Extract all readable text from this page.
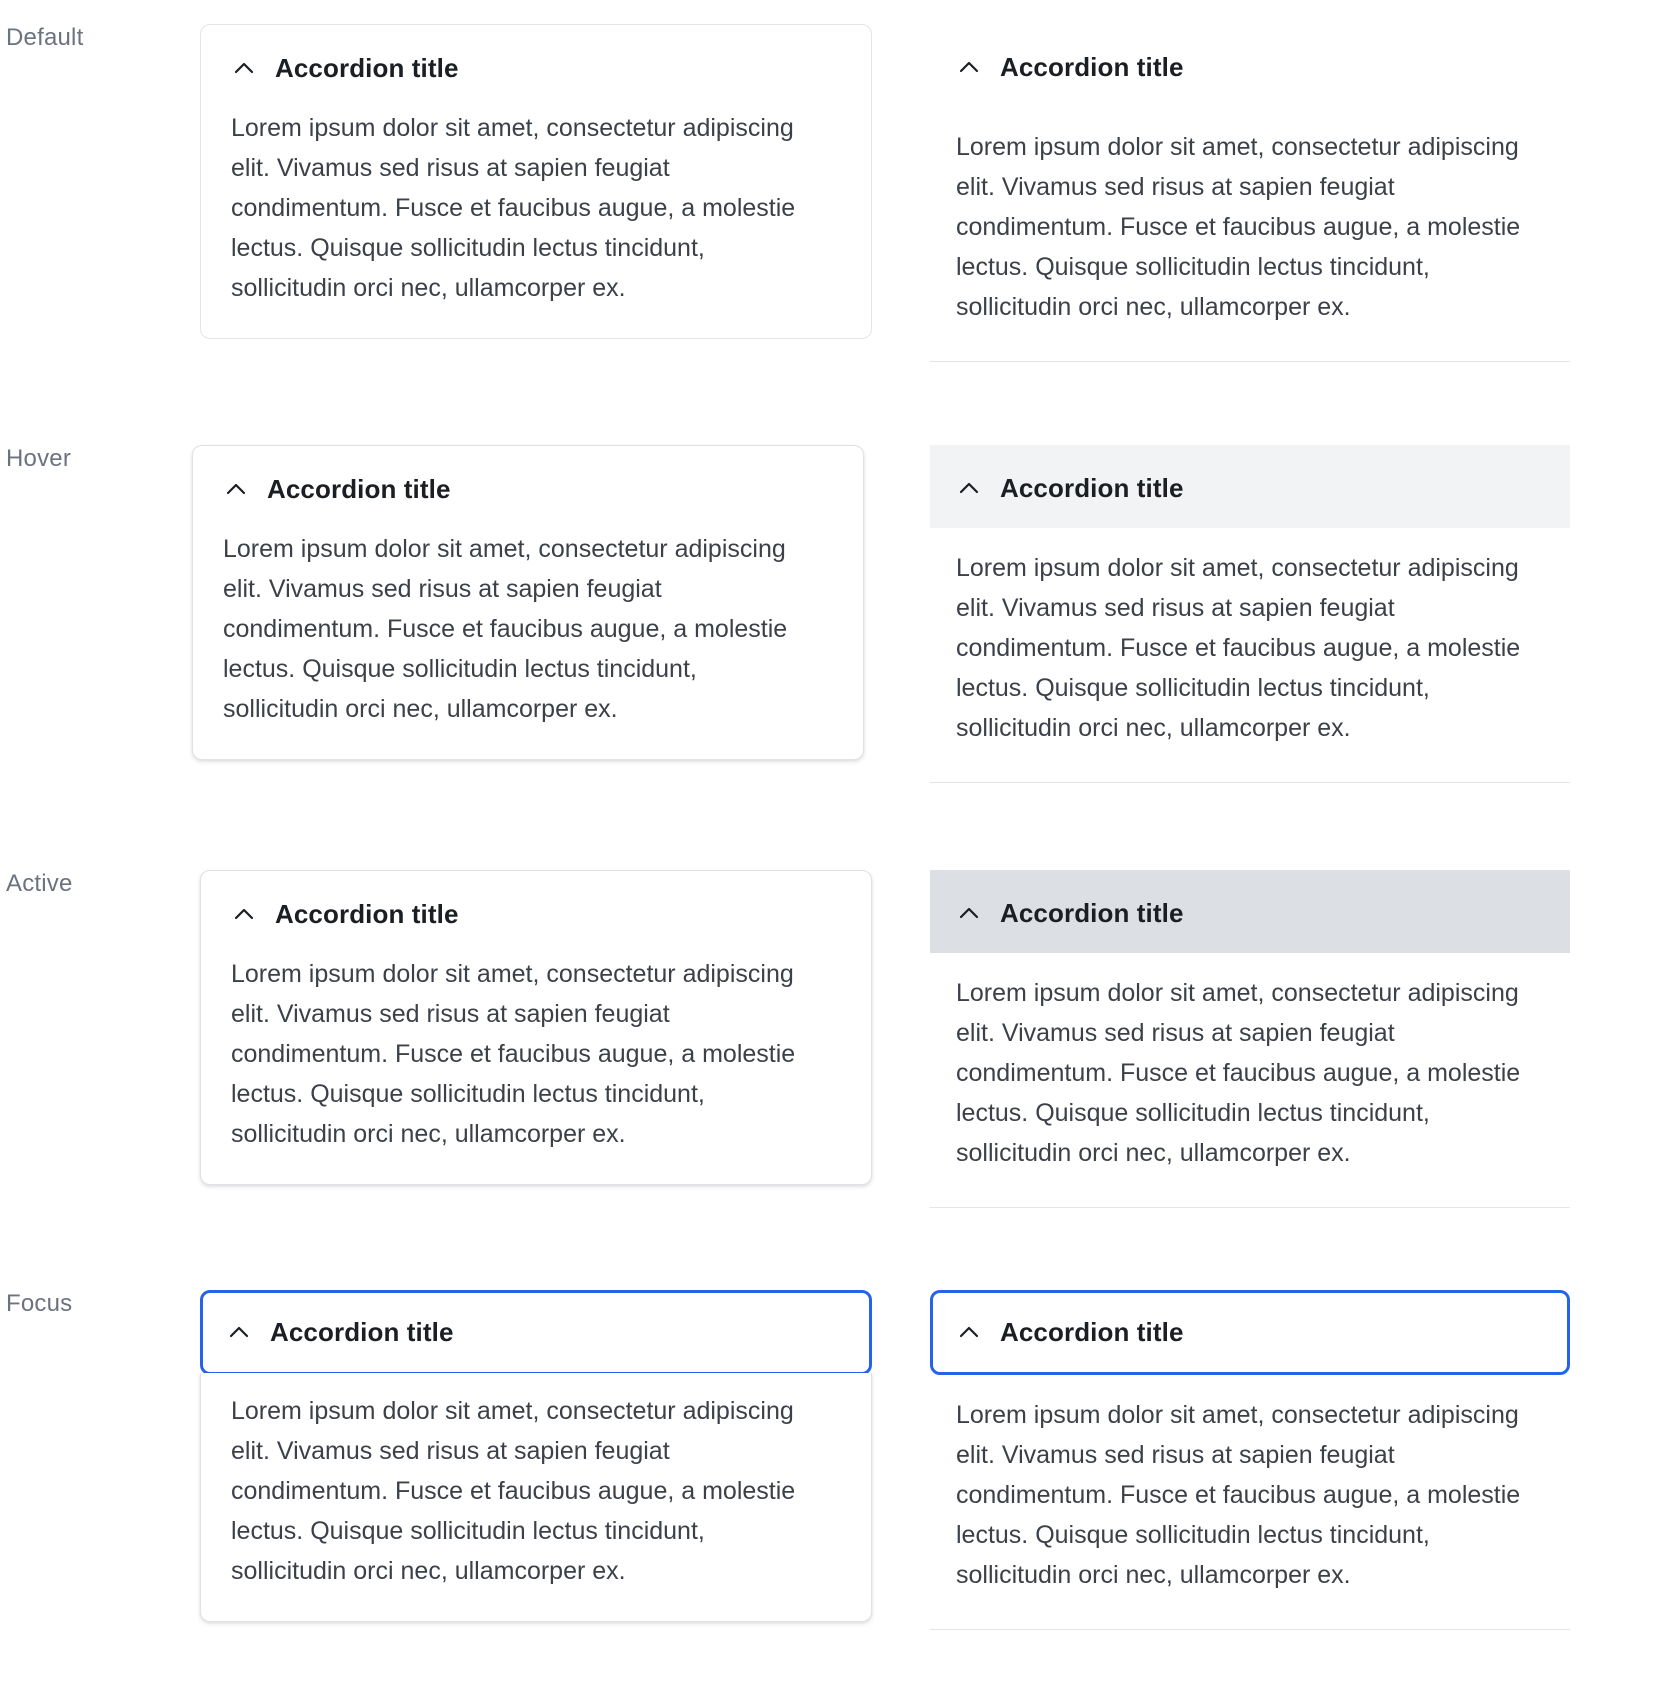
Default
Accordion title
Lorem ipsum dolor sit amet, consectetur adipiscing elit. Vivamus sed risus at sapien feugiat condimentum. Fusce et faucibus augue, a molestie lectus. Quisque sollicitudin lectus tincidunt, sollicitudin orci nec, ullamcorper ex.
Accordion title
Lorem ipsum dolor sit amet, consectetur adipiscing elit. Vivamus sed risus at sapien feugiat condimentum. Fusce et faucibus augue, a molestie lectus. Quisque sollicitudin lectus tincidunt, sollicitudin orci nec, ullamcorper ex.
Hover
Accordion title
Lorem ipsum dolor sit amet, consectetur adipiscing elit. Vivamus sed risus at sapien feugiat condimentum. Fusce et faucibus augue, a molestie lectus. Quisque sollicitudin lectus tincidunt, sollicitudin orci nec, ullamcorper ex.
Accordion title
Lorem ipsum dolor sit amet, consectetur adipiscing elit. Vivamus sed risus at sapien feugiat condimentum. Fusce et faucibus augue, a molestie lectus. Quisque sollicitudin lectus tincidunt, sollicitudin orci nec, ullamcorper ex.
Active
Accordion title
Lorem ipsum dolor sit amet, consectetur adipiscing elit. Vivamus sed risus at sapien feugiat condimentum. Fusce et faucibus augue, a molestie lectus. Quisque sollicitudin lectus tincidunt, sollicitudin orci nec, ullamcorper ex.
Accordion title
Lorem ipsum dolor sit amet, consectetur adipiscing elit. Vivamus sed risus at sapien feugiat condimentum. Fusce et faucibus augue, a molestie lectus. Quisque sollicitudin lectus tincidunt, sollicitudin orci nec, ullamcorper ex.
Focus
Accordion title
Lorem ipsum dolor sit amet, consectetur adipiscing elit. Vivamus sed risus at sapien feugiat condimentum. Fusce et faucibus augue, a molestie lectus. Quisque sollicitudin lectus tincidunt, sollicitudin orci nec, ullamcorper ex.
Accordion title
Lorem ipsum dolor sit amet, consectetur adipiscing elit. Vivamus sed risus at sapien feugiat condimentum. Fusce et faucibus augue, a molestie lectus. Quisque sollicitudin lectus tincidunt, sollicitudin orci nec, ullamcorper ex.
